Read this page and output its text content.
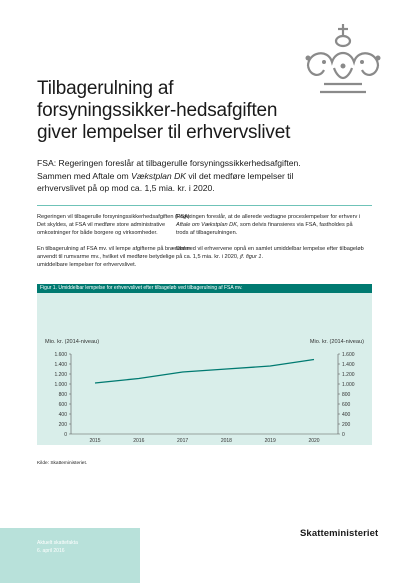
Tilbagerulning af forsyningssikker-hedsafgiften giver lempelser til erhvervslivet

FSA: Regeringen foreslår at tilbagerulle forsyningssikkerhedsafgiften. Sammen med Aftale om Vækstplan DK vil det medføre lempelser til erhvervslivet på op mod ca. 1,5 mia. kr. i 2020.

Regeringen vil tilbagerulle forsyningssikkerhedsafgiften (FSA). Det skyldes, at FSA vil medføre store administrative omkostninger for både borgere og virksomheder.

En tilbagerulning af FSA mv. vil lempe afgifterne på brændsler anvendt til rumvarme mv., hvilket vil medføre betydelige umiddelbare lempelser for erhvervslivet.

Regeringen foreslår, at de allerede vedtagne proceslempelser for erhverv i Aftale om Vækstplan DK, som delvis finansieres via FSA, fastholdes på trods af tilbagerulningen.

Dermed vil erhvervene opnå en samlet umiddelbar lempelse efter tilbageløb på ca. 1,5 mia. kr. i 2020, jf. figur 1.

Figur 1. Umiddelbar lempelse for erhvervslivet efter tilbageløb ved tilbagerulning af FSA mv.
Mio. kr. (2014-niveau)	Mio. kr. (2014-niveau)
0	0
200	200
400	400
600	600
800	800
1.000	1.000
1.200	1.200
1.400	1.400
1.600	1.600
2015	2016	2017	2018	2019	2020
Kilde: Skatteministeriet.
Aktuelt skattefakta
6. april 2016
Skatteministeriet
